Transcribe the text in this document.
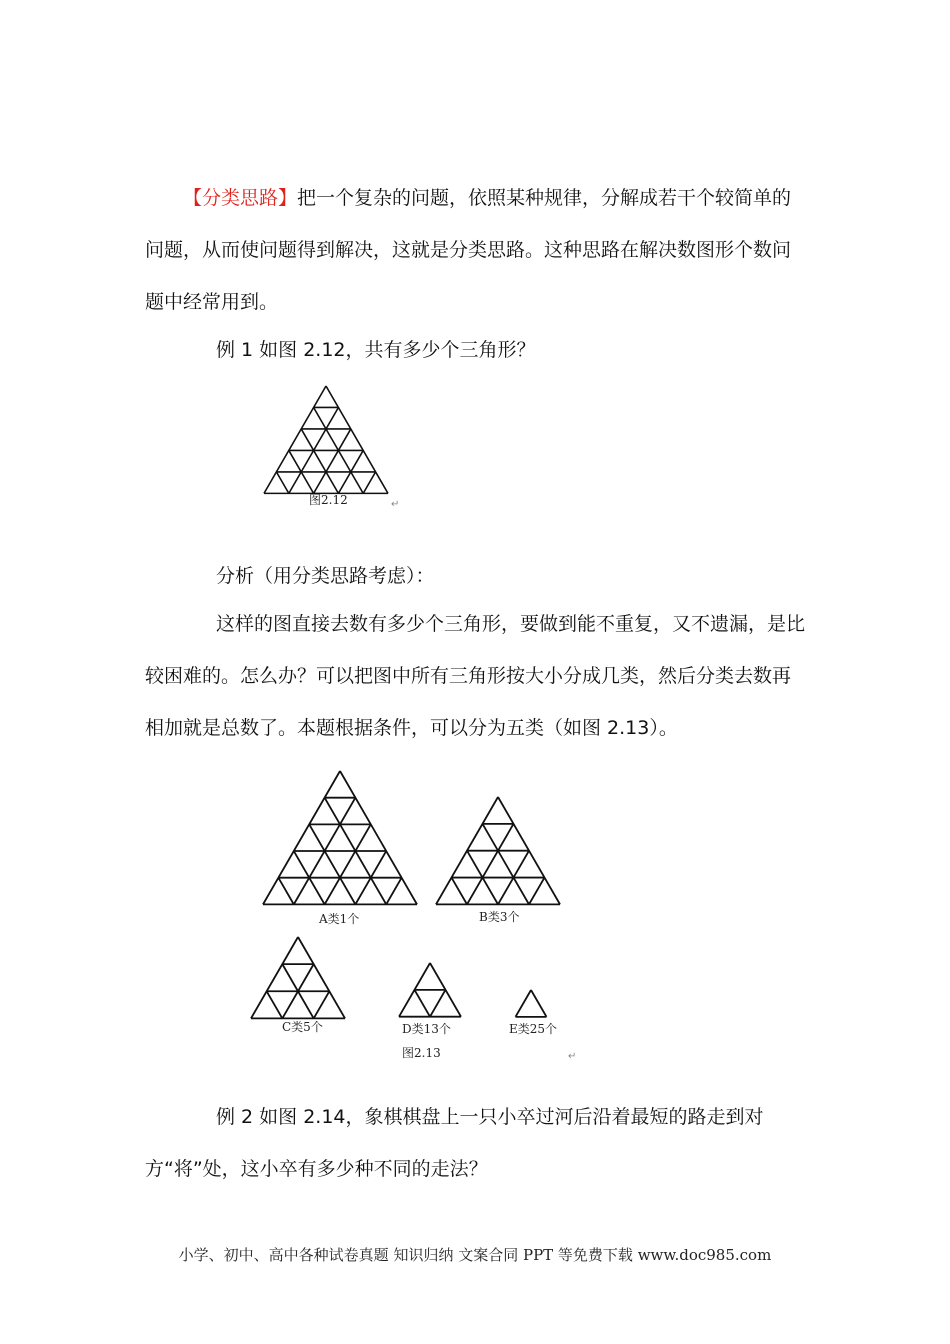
【分类思路】把一个复杂的问题，依照某种规律，分解成若干个较简单的问题，从而使问题得到解决，这就是分类思路。这种思路在解决数图形个数问题中经常用到。

例 1 如图 2.12，共有多少个三角形？

图2.12	↵

分析（用分类思路考虑）：

这样的图直接去数有多少个三角形，要做到能不重复，又不遗漏，是比较困难的。怎么办？可以把图中所有三角形按大小分成几类，然后分类去数再相加就是总数了。本题根据条件，可以分为五类（如图 2.13）。

A类1个	B类3个
C类5个	D类13个	E类25个
图2.13	↵

例 2 如图 2.14，象棋棋盘上一只小卒过河后沿着最短的路走到对方“将”处，这小卒有多少种不同的走法？

小学、初中、高中各种试卷真题 知识归纳 文案合同 PPT 等免费下载 www.doc985.com
